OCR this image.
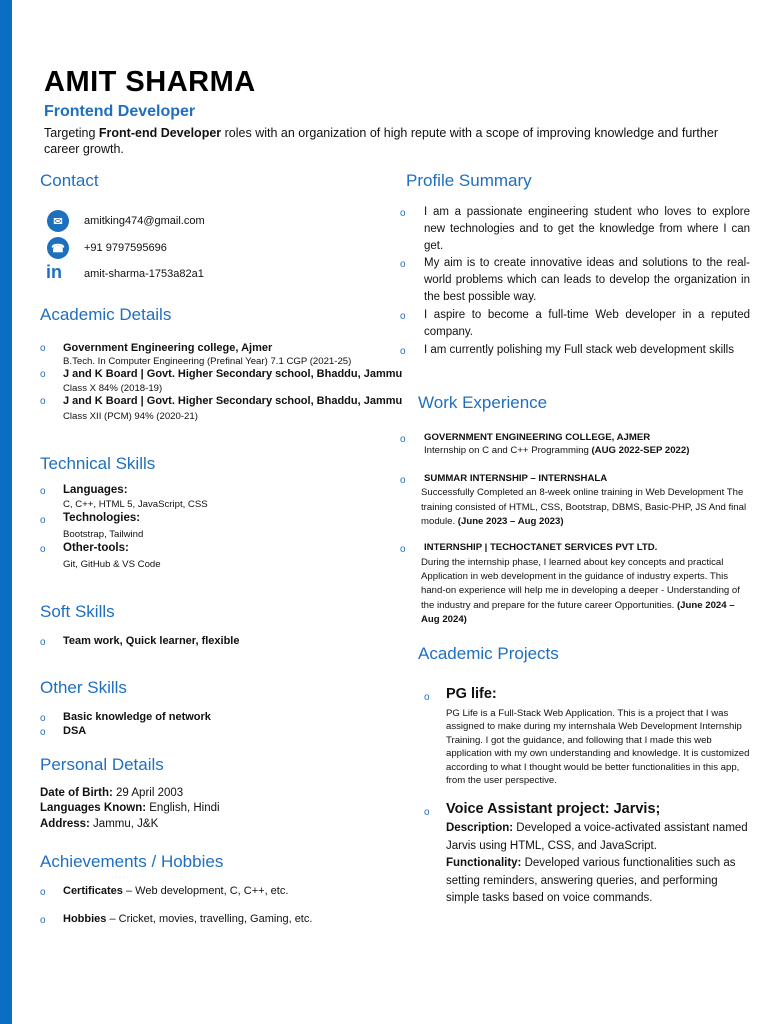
AMIT SHARMA
Frontend Developer
Targeting Front-end Developer roles with an organization of high repute with a scope of improving knowledge and further career growth.
Contact
✉	amitking474@gmail.com
☎	+91 9797595696
in amit-sharma-1753a82a1
Academic Details
o Government Engineering college, Ajmer
B.Tech. In Computer Engineering (Prefinal Year) 7.1 CGP (2021-25)
o J and K Board | Govt. Higher Secondary school, Bhaddu, Jammu
Class X 84% (2018-19)
o J and K Board | Govt. Higher Secondary school, Bhaddu, Jammu
Class XII (PCM) 94% (2020-21)
Technical Skills
o Languages:
C, C++, HTML 5, JavaScript, CSS
o Technologies:
Bootstrap, Tailwind
o Other-tools:
Git, GitHub & VS Code
Soft Skills
o Team work, Quick learner, flexible
Other Skills
o Basic knowledge of network
o DSA
Personal Details
Date of Birth: 29 April 2003
Languages Known: English, Hindi
Address: Jammu, J&K
Achievements / Hobbies
o Certificates – Web development, C, C++, etc.
o Hobbies – Cricket, movies, travelling, Gaming, etc.
Profile Summary
o I am a passionate engineering student who loves to explore new technologies and to get the knowledge from where I can get.
o My aim is to create innovative ideas and solutions to the real-world problems which can leads to develop the organization in the best possible way.
o I aspire to become a full-time Web developer in a reputed company.
o I am currently polishing my Full stack web development skills
Work Experience
o GOVERNMENT ENGINEERING COLLEGE, AJMER
Internship on C and C++ Programming (AUG 2022-SEP 2022)
o SUMMAR INTERNSHIP – INTERNSHALA
Successfully Completed an 8-week online training in Web Development The training consisted of HTML, CSS, Bootstrap, DBMS, Basic-PHP, JS And final module. (June 2023 – Aug 2023)
o INTERNSHIP | TECHOCTANET SERVICES PVT LTD.
During the internship phase, I learned about key concepts and practical Application in web development in the guidance of industry experts. This hand-on experience will help me in developing a deeper - Understanding of the industry and prepare for the future career Opportunities. (June 2024 – Aug 2024)
Academic Projects
o PG life:
PG Life is a Full-Stack Web Application. This is a project that I was assigned to make during my internshala Web Development Internship Training. I got the guidance, and following that I made this web application with my own understanding and knowledge. It is customized according to what I thought would be better functionalities in this app, from the user perspective.
o Voice Assistant project: Jarvis;
Description: Developed a voice-activated assistant named Jarvis using HTML, CSS, and JavaScript.
Functionality: Developed various functionalities such as setting reminders, answering queries, and performing simple tasks based on voice commands.
